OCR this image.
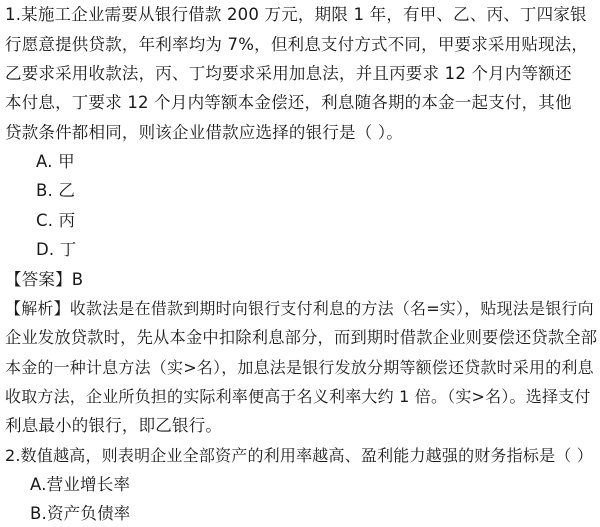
1.某施工企业需要从银行借款 200 万元，期限 1 年，有甲、乙、丙、丁四家银
行愿意提供贷款，年利率均为 7%，但利息支付方式不同，甲要求采用贴现法，
乙要求采用收款法，丙、丁均要求采用加息法，并且丙要求 12 个月内等额还
本付息，丁要求 12 个月内等额本金偿还，利息随各期的本金一起支付，其他
贷款条件都相同，则该企业借款应选择的银行是（ ）。
A. 甲
B. 乙
C. 丙
D. 丁
【答案】B
【解析】收款法是在借款到期时向银行支付利息的方法（名=实），贴现法是银行向
企业发放贷款时，先从本金中扣除利息部分，而到期时借款企业则要偿还贷款全部
本金的一种计息方法（实>名），加息法是银行发放分期等额偿还贷款时采用的利息
收取方法，企业所负担的实际利率便高于名义利率大约 1 倍。（实>名）。选择支付
利息最小的银行，即乙银行。
2.数值越高，则表明企业全部资产的利用率越高、盈利能力越强的财务指标是（ ）
A.营业增长率
B.资产负债率
